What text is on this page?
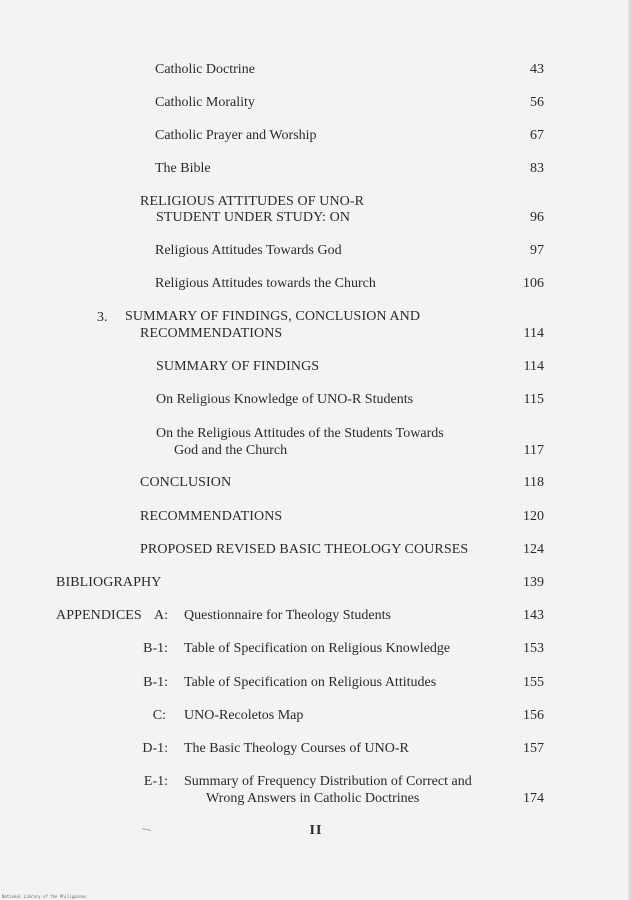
Catholic Doctrine	43
Catholic Morality	56
Catholic Prayer and Worship	67
The Bible	83
RELIGIOUS ATTITUDES OF UNO-R
STUDENT UNDER STUDY: ON	96
Religious Attitudes Towards God	97
Religious Attitudes towards the Church	106
3. SUMMARY OF FINDINGS, CONCLUSION AND
RECOMMENDATIONS	114
SUMMARY OF FINDINGS	114
On Religious Knowledge of UNO-R Students	115
On the Religious Attitudes of the Students Towards
God and the Church	117
CONCLUSION	118
RECOMMENDATIONS	120
PROPOSED REVISED BASIC THEOLOGY COURSES	124
BIBLIOGRAPHY	139
APPENDICES A: Questionnaire for Theology Students	143
B-1: Table of Specification on Religious Knowledge	153
B-1: Table of Specification on Religious Attitudes	155
C: UNO-Recoletos Map	156
D-1: The Basic Theology Courses of UNO-R	157
E-1: Summary of Frequency Distribution of Correct and
Wrong Answers in Catholic Doctrines	174
II
National Library of the Philippines
